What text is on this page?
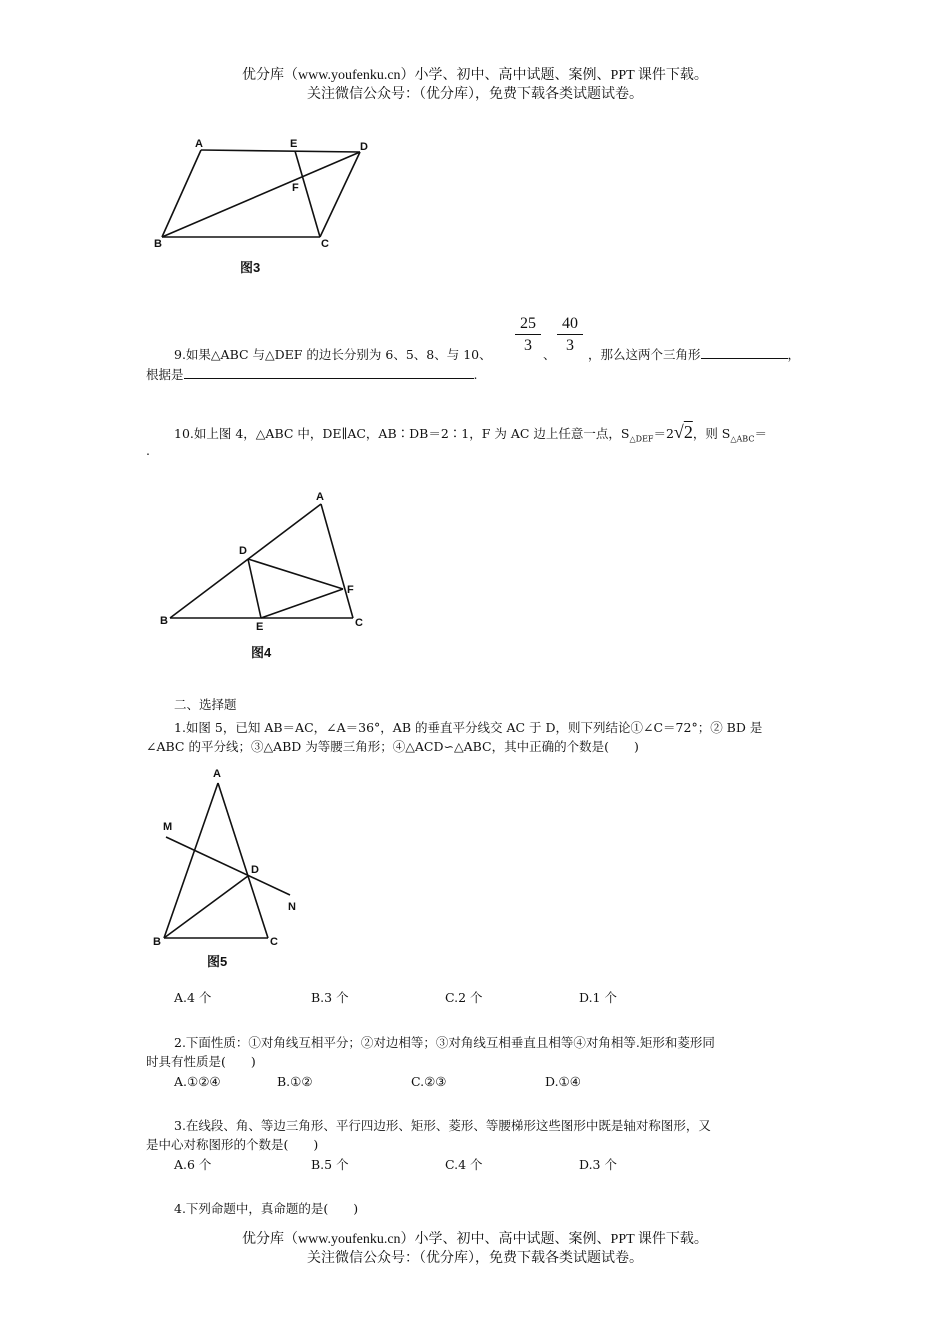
优分库（www.youfenku.cn）小学、初中、高中试题、案例、PPT 课件下载。
关注微信公众号：（优分库），免费下载各类试题试卷。
A	E	D
F
B	C
图3
25
3
40
3
9.如果△ABC 与△DEF 的边长分别为 6、5、8、与 10、	、	，那么这两个三角形	，
根据是	.
10.如上图 4，△ABC 中，DE∥AC，AB∶DB＝2∶1，F 为 AC 边上任意一点，$S_{\triangle DEF}=2√2$，则 $S_{\triangle ABC}=$
.
A
D
F
B	E	C
图4
二、选择题
1.如图 5，已知 AB＝AC，∠A＝36°，AB 的垂直平分线交 AC 于 D，则下列结论①∠C＝72°；② BD 是
∠ABC 的平分线；③△ABD 为等腰三角形；④△ACD∽△ABC，其中正确的个数是(　　)
A
M
D
N
B	C
图5
A.4 个	B.3 个	C.2 个	D.1 个
2.下面性质：①对角线互相平分；②对边相等；③对角线互相垂直且相等④对角相等.矩形和菱形同
时具有性质是(　　)
A.①②④	B.①②	C.②③	D.①④
3.在线段、角、等边三角形、平行四边形、矩形、菱形、等腰梯形这些图形中既是轴对称图形，又
是中心对称图形的个数是(　　)
A.6 个	B.5 个	C.4 个	D.3 个
4.下列命题中，真命题的是(　　)
优分库（www.youfenku.cn）小学、初中、高中试题、案例、PPT 课件下载。
关注微信公众号：（优分库），免费下载各类试题试卷。
